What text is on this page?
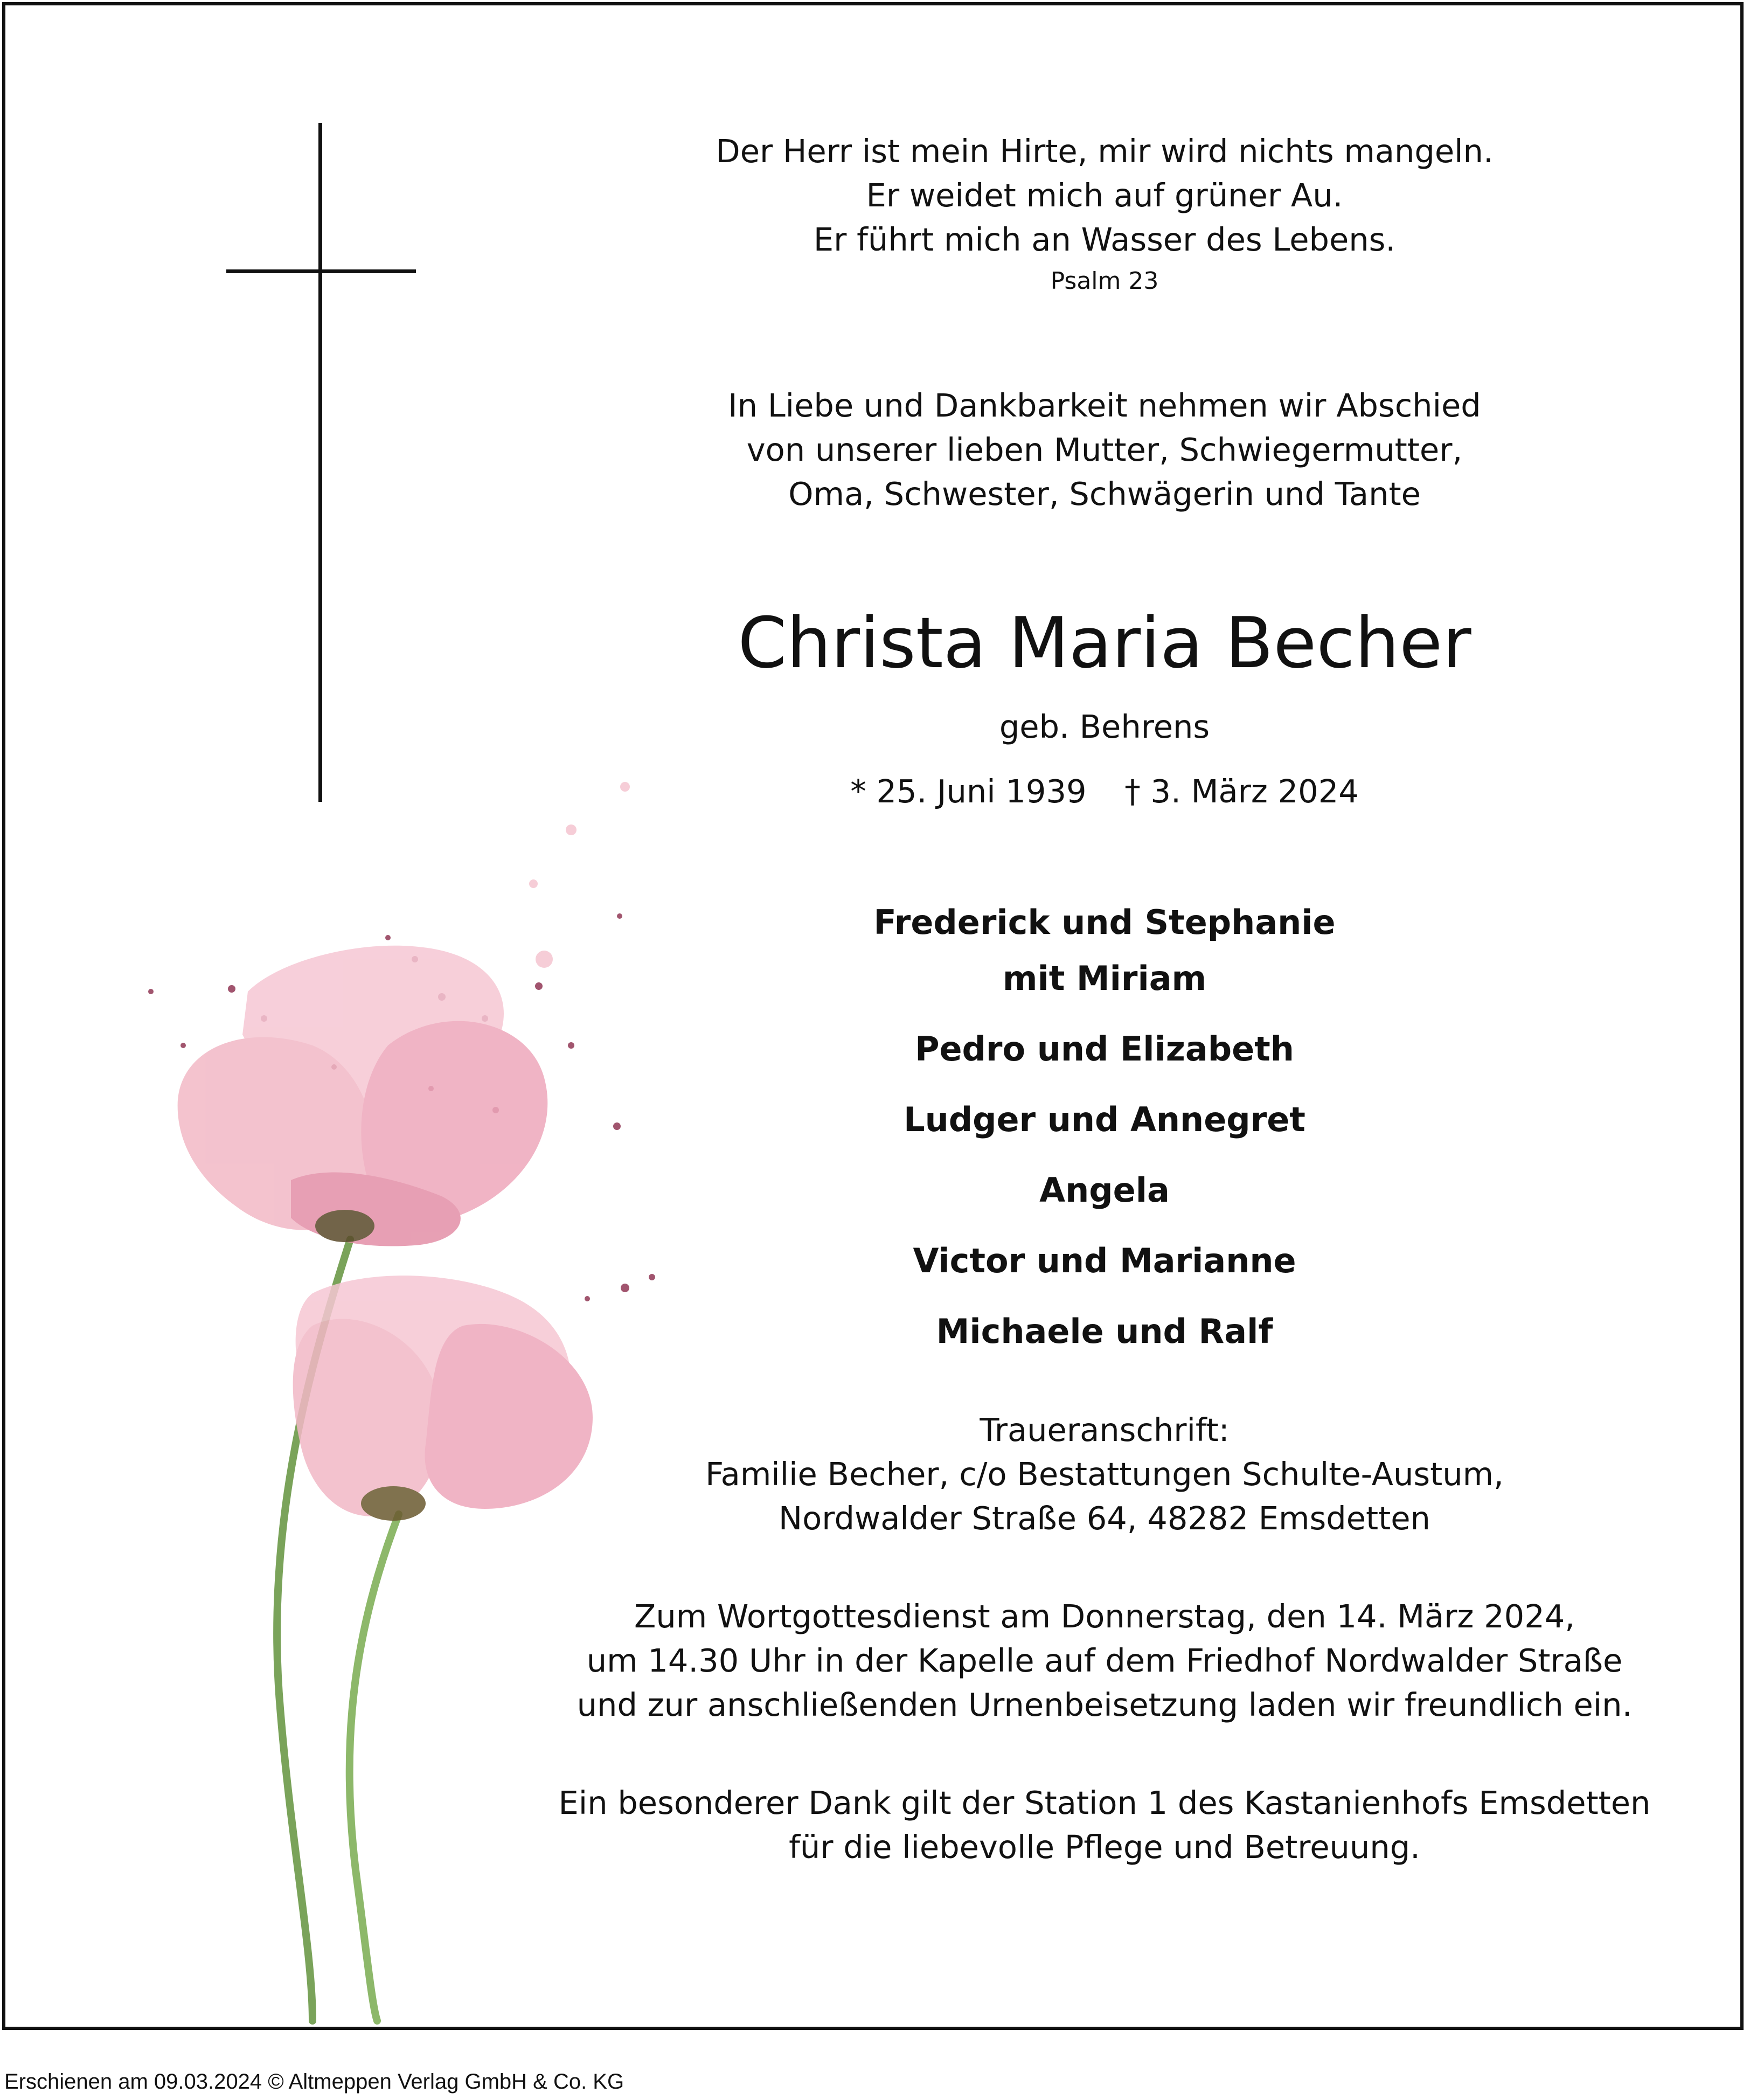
Der Herr ist mein Hirte, mir wird nichts mangeln.
Er weidet mich auf grüner Au.
Er führt mich an Wasser des Lebens.
Psalm 23
In Liebe und Dankbarkeit nehmen wir Abschied
von unserer lieben Mutter, Schwiegermutter,
Oma, Schwester, Schwägerin und Tante
Christa Maria Becher
geb. Behrens
* 25. Juni 1939 † 3. März 2024
Frederick und Stephanie
mit Miriam
Pedro und Elizabeth
Ludger und Annegret
Angela
Victor und Marianne
Michaele und Ralf
Traueranschrift:
Familie Becher, c/o Bestattungen Schulte-Austum,
Nordwalder Straße 64, 48282 Emsdetten
Zum Wortgottesdienst am Donnerstag, den 14. März 2024,
um 14.30 Uhr in der Kapelle auf dem Friedhof Nordwalder Straße
und zur anschließenden Urnenbeisetzung laden wir freundlich ein.
Ein besonderer Dank gilt der Station 1 des Kastanienhofs Emsdetten
für die liebevolle Pflege und Betreuung.
Erschienen am 09.03.2024 © Altmeppen Verlag GmbH & Co. KG
